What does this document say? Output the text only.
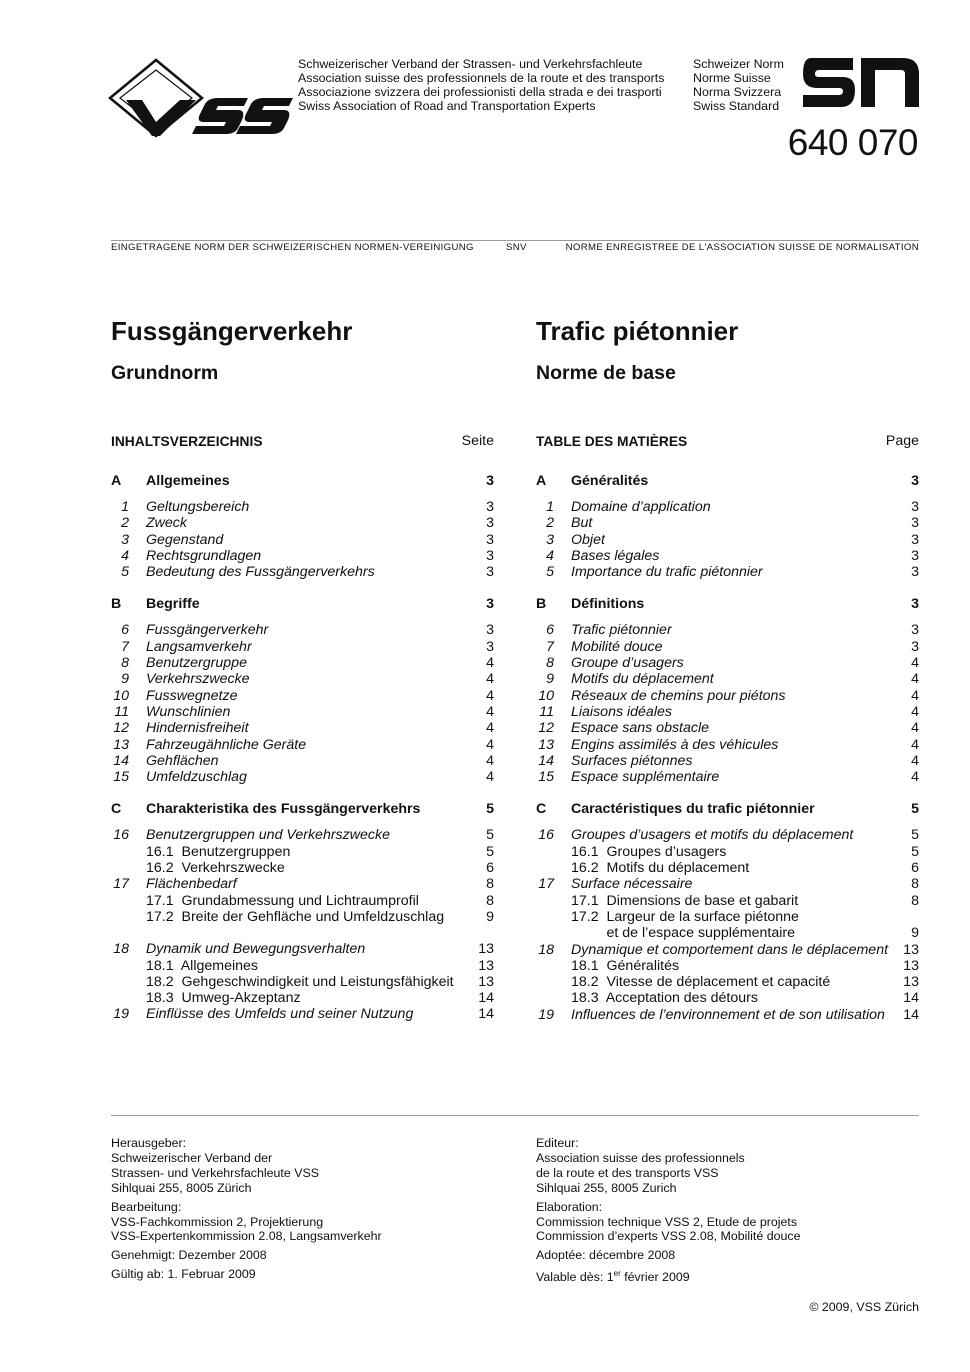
VSS	Schweizerischer Verband der Strassen- und Verkehrsfachleute
Association suisse des professionnels de la route et des transports
Associazione svizzera dei professionisti della strada e dei trasporti
Swiss Association of Road and Transportation Experts
Schweizer Norm
Norme Suisse
Norma Svizzera
Swiss Standard
SN
640 070
EINGETRAGENE NORM DER SCHWEIZERISCHEN NORMEN-VEREINIGUNG	SNV	NORME ENREGISTREE DE L'ASSOCIATION SUISSE DE NORMALISATION
Fussgängerverkehr
Grundnorm
Trafic piétonnier
Norme de base
INHALTSVERZEICHNIS	Seite
A	Allgemeines	3
1	Geltungsbereich	3
2	Zweck	3
3	Gegenstand	3
4	Rechtsgrundlagen	3
5	Bedeutung des Fussgängerverkehrs	3
B	Begriffe	3
6	Fussgängerverkehr	3
7	Langsamverkehr	3
8	Benutzergruppe	4
9	Verkehrszwecke	4
10	Fusswegnetze	4
11	Wunschlinien	4
12	Hindernisfreiheit	4
13	Fahrzeugähnliche Geräte	4
14	Gehflächen	4
15	Umfeldzuschlag	4
C	Charakteristika des Fussgängerverkehrs	5
16	Benutzergruppen und Verkehrszwecke	5
16.1  Benutzergruppen	5
16.2  Verkehrszwecke	6
17	Flächenbedarf	8
17.1  Grundabmessung und Lichtraumprofil	8
17.2  Breite der Gehfläche und Umfeldzuschlag	9
18	Dynamik und Bewegungsverhalten	13
18.1  Allgemeines	13
18.2  Gehgeschwindigkeit und Leistungsfähigkeit	13
18.3  Umweg-Akzeptanz	14
19	Einflüsse des Umfelds und seiner Nutzung	14
TABLE DES MATIÈRES	Page
A	Généralités	3
1	Domaine d’application	3
2	But	3
3	Objet	3
4	Bases légales	3
5	Importance du trafic piétonnier	3
B	Définitions	3
6	Trafic piétonnier	3
7	Mobilité douce	3
8	Groupe d’usagers	4
9	Motifs du déplacement	4
10	Réseaux de chemins pour piétons	4
11	Liaisons idéales	4
12	Espace sans obstacle	4
13	Engins assimilés à des véhicules	4
14	Surfaces piétonnes	4
15	Espace supplémentaire	4
C	Caractéristiques du trafic piétonnier	5
16	Groupes d’usagers et motifs du déplacement	5
16.1  Groupes d’usagers	5
16.2  Motifs du déplacement	6
17	Surface nécessaire	8
17.1  Dimensions de base et gabarit	8
17.2  Largeur de la surface piétonne
et de l’espace supplémentaire	9
18	Dynamique et comportement dans le déplacement	13
18.1  Généralités	13
18.2  Vitesse de déplacement et capacité	13
18.3  Acceptation des détours	14
19	Influences de l’environnement et de son utilisation	14
Herausgeber:
Schweizerischer Verband der
Strassen- und Verkehrsfachleute VSS
Sihlquai 255, 8005 Zürich
Bearbeitung:
VSS-Fachkommission 2, Projektierung
VSS-Expertenkommission 2.08, Langsamverkehr
Genehmigt: Dezember 2008
Gültig ab: 1. Februar 2009
Editeur:
Association suisse des professionnels
de la route et des transports VSS
Sihlquai 255, 8005 Zurich
Elaboration:
Commission technique VSS 2, Etude de projets
Commission d’experts VSS 2.08, Mobilité douce
Adoptée: décembre 2008
Valable dès: 1er février 2009
© 2009, VSS Zürich
